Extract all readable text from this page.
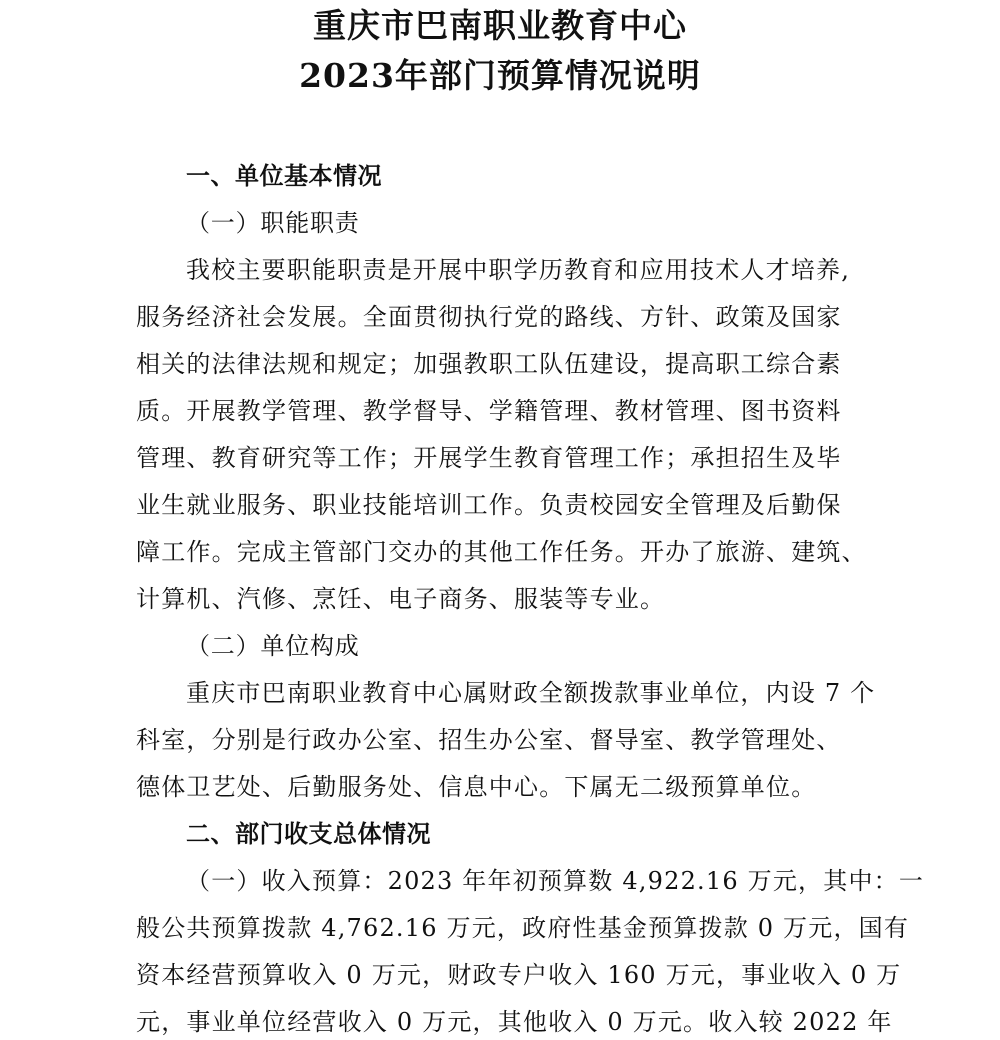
重庆市巴南职业教育中心
2023年部门预算情况说明
一、单位基本情况
（一）职能职责
我校主要职能职责是开展中职学历教育和应用技术人才培养,
服务经济社会发展。全面贯彻执行党的路线、方针、政策及国家
相关的法律法规和规定；加强教职工队伍建设，提高职工综合素
质。开展教学管理、教学督导、学籍管理、教材管理、图书资料
管理、教育研究等工作；开展学生教育管理工作；承担招生及毕
业生就业服务、职业技能培训工作。负责校园安全管理及后勤保
障工作。完成主管部门交办的其他工作任务。开办了旅游、建筑、
计算机、汽修、烹饪、电子商务、服装等专业。
（二）单位构成
重庆市巴南职业教育中心属财政全额拨款事业单位，内设 7 个
科室，分别是行政办公室、招生办公室、督导室、教学管理处、
德体卫艺处、后勤服务处、信息中心。下属无二级预算单位。
二、部门收支总体情况
（一）收入预算：2023 年年初预算数 4,922.16 万元，其中：一
般公共预算拨款 4,762.16 万元，政府性基金预算拨款 0 万元，国有
资本经营预算收入 0 万元，财政专户收入 160 万元，事业收入 0 万
元，事业单位经营收入 0 万元，其他收入 0 万元。收入较 2022 年
